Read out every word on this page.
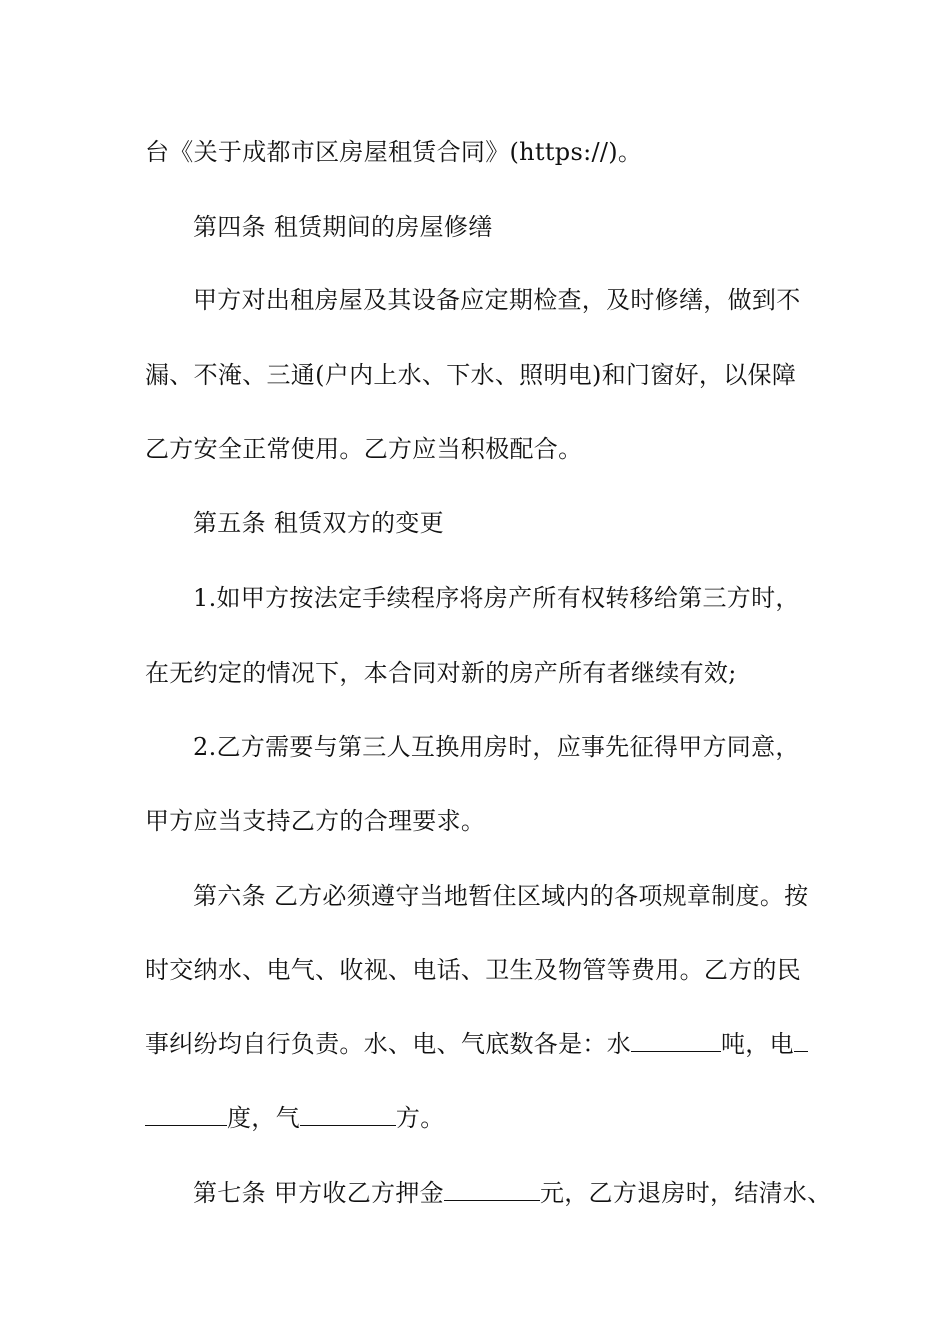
台《关于成都市区房屋租赁合同》(https://)。
第四条 租赁期间的房屋修缮
甲方对出租房屋及其设备应定期检查，及时修缮，做到不
漏、不淹、三通(户内上水、下水、照明电)和门窗好，以保障
乙方安全正常使用。乙方应当积极配合。
第五条 租赁双方的变更
1.如甲方按法定手续程序将房产所有权转移给第三方时，
在无约定的情况下，本合同对新的房产所有者继续有效;
2.乙方需要与第三人互换用房时，应事先征得甲方同意，
甲方应当支持乙方的合理要求。
第六条 乙方必须遵守当地暂住区域内的各项规章制度。按
时交纳水、电气、收视、电话、卫生及物管等费用。乙方的民
事纠纷均自行负责。水、电、气底数各是：水	吨，电
度，气	方。
第七条 甲方收乙方押金	元，乙方退房时，结清水、
